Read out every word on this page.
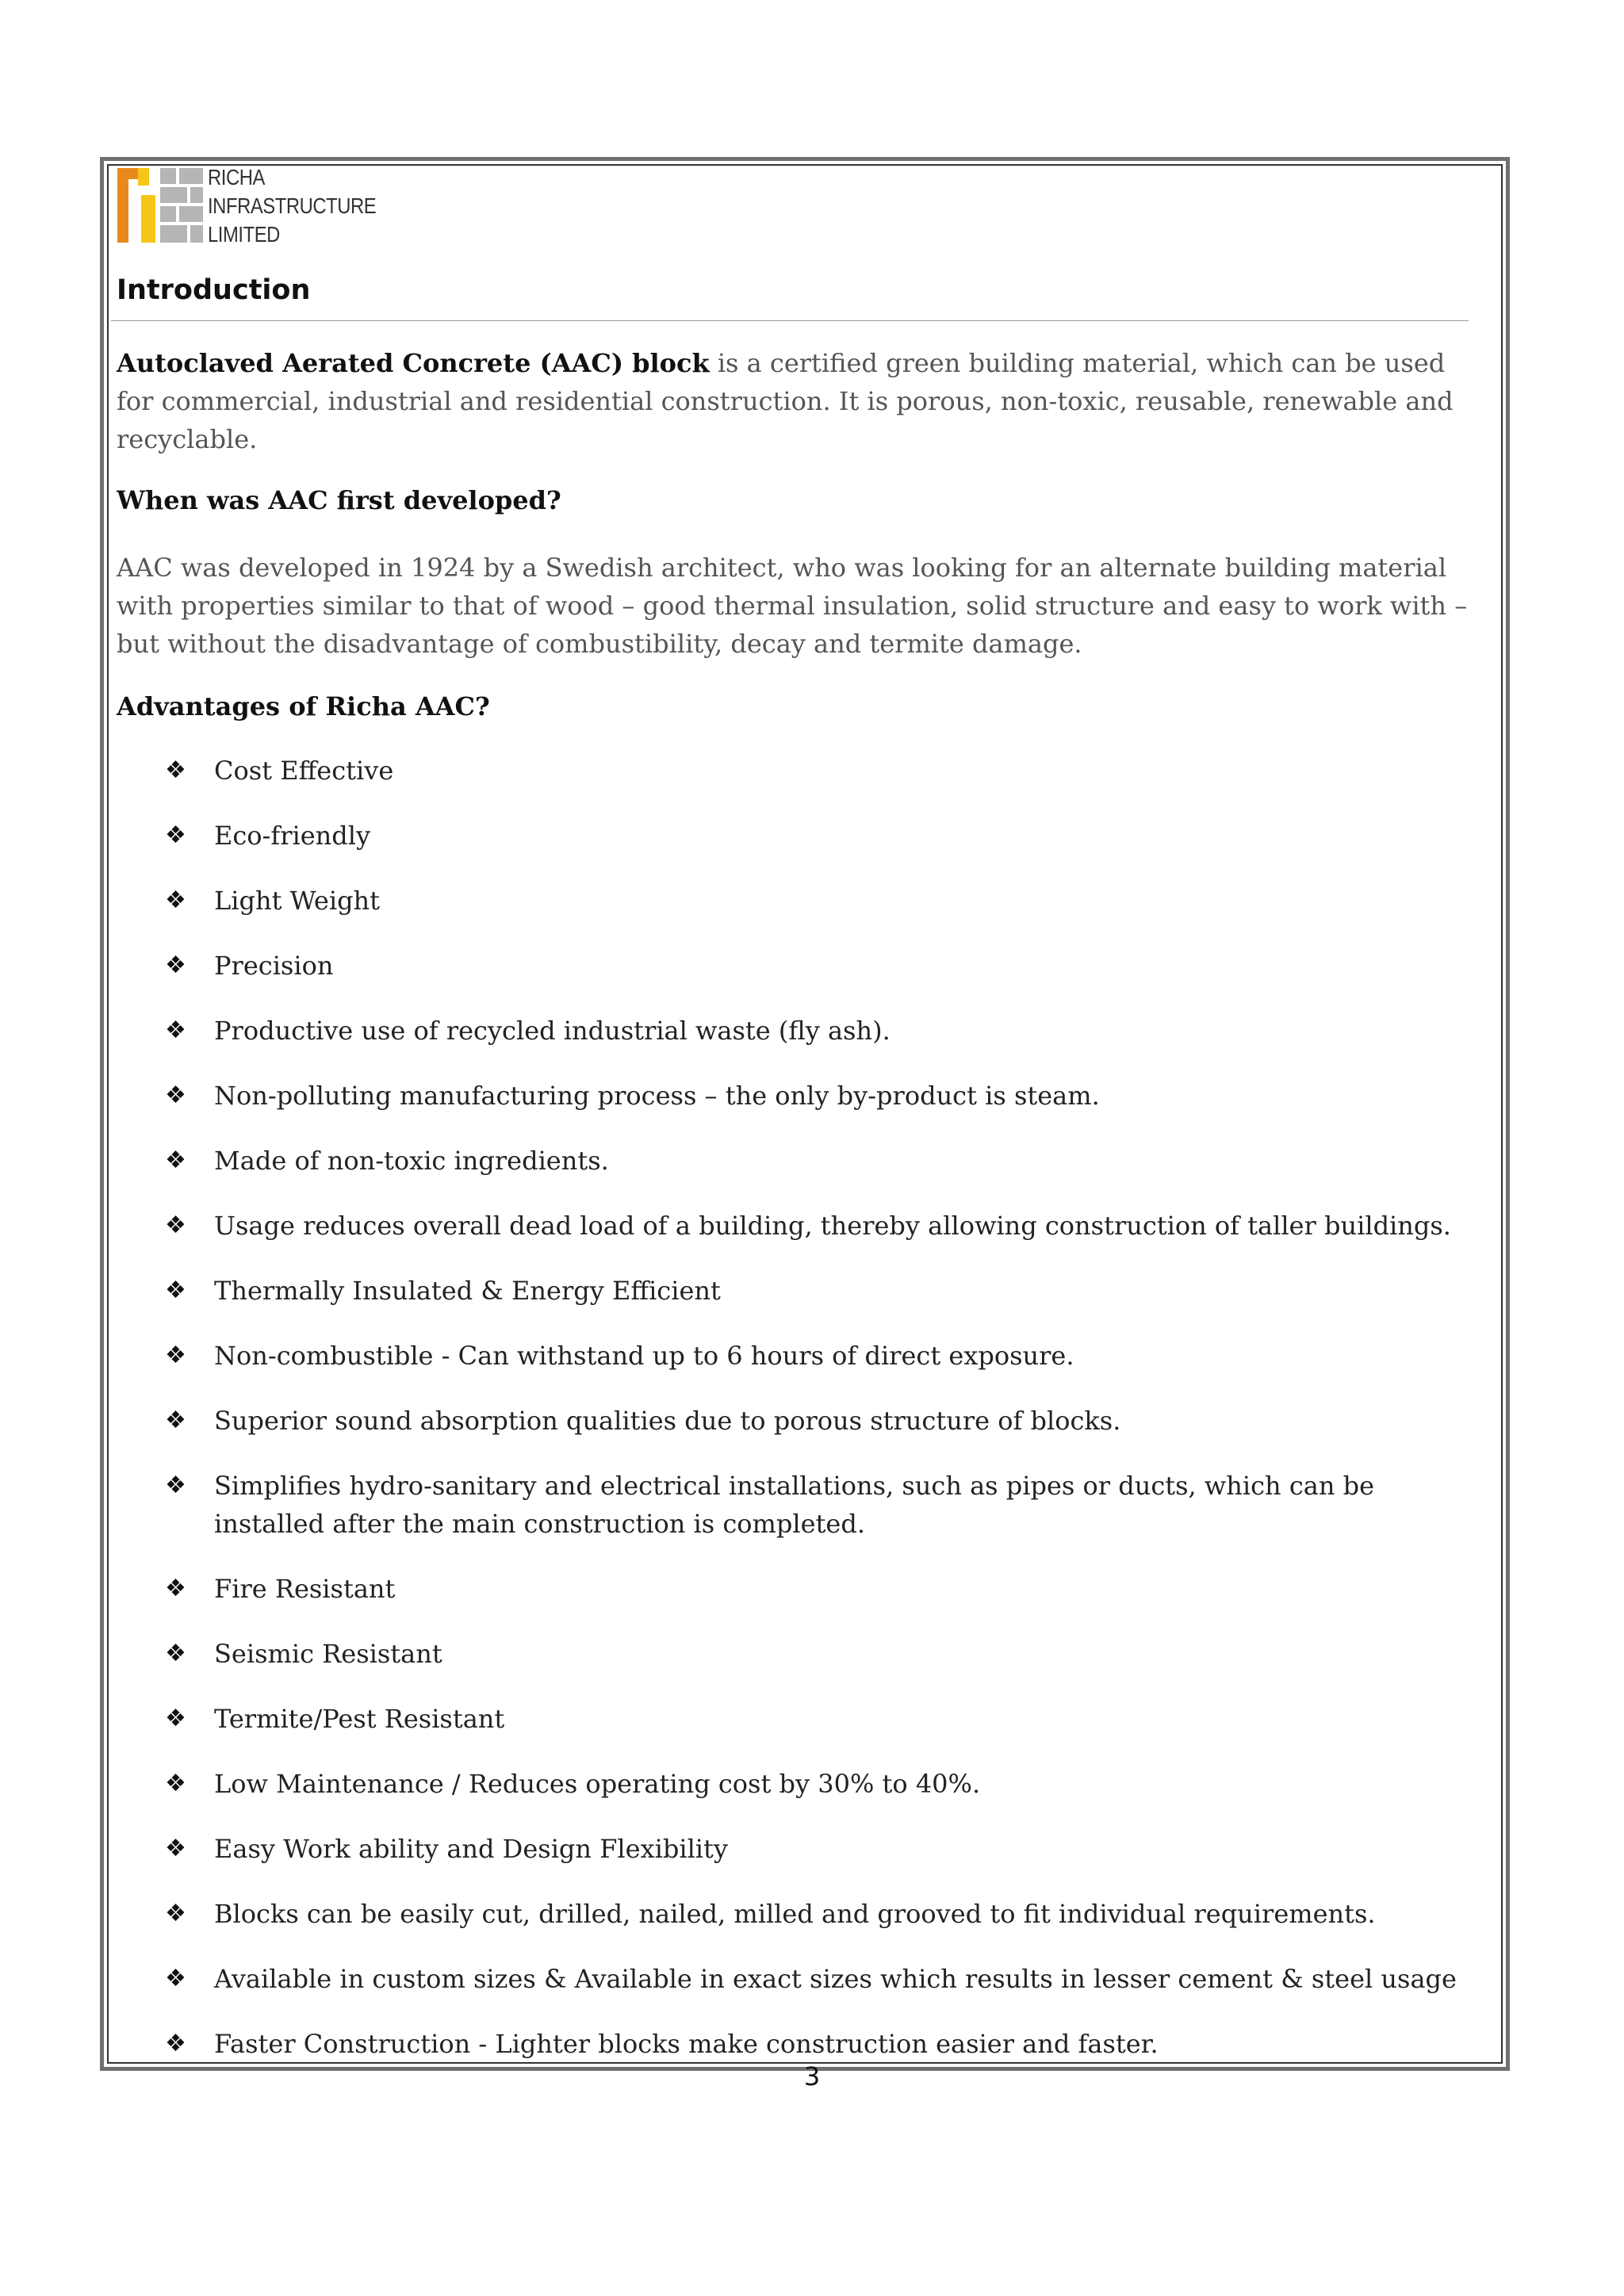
RICHA
INFRASTRUCTURE
LIMITED
Introduction

Autoclaved Aerated Concrete (AAC) block is a certified green building material, which can be used for commercial, industrial and residential construction. It is porous, non-toxic, reusable, renewable and recyclable.

When was AAC first developed?

AAC was developed in 1924 by a Swedish architect, who was looking for an alternate building material with properties similar to that of wood – good thermal insulation, solid structure and easy to work with – but without the disadvantage of combustibility, decay and termite damage.

Advantages of Richa AAC?

❖ Cost Effective
❖ Eco-friendly
❖ Light Weight
❖ Precision
❖ Productive use of recycled industrial waste (fly ash).
❖ Non-polluting manufacturing process – the only by-product is steam.
❖ Made of non-toxic ingredients.
❖ Usage reduces overall dead load of a building, thereby allowing construction of taller buildings.
❖ Thermally Insulated & Energy Efficient
❖ Non-combustible - Can withstand up to 6 hours of direct exposure.
❖ Superior sound absorption qualities due to porous structure of blocks.
❖ Simplifies hydro-sanitary and electrical installations, such as pipes or ducts, which can be installed after the main construction is completed.
❖ Fire Resistant
❖ Seismic Resistant
❖ Termite/Pest Resistant
❖ Low Maintenance / Reduces operating cost by 30% to 40%.
❖ Easy Work ability and Design Flexibility
❖ Blocks can be easily cut, drilled, nailed, milled and grooved to fit individual requirements.
❖ Available in custom sizes & Available in exact sizes which results in lesser cement & steel usage
❖ Faster Construction - Lighter blocks make construction easier and faster.
3
